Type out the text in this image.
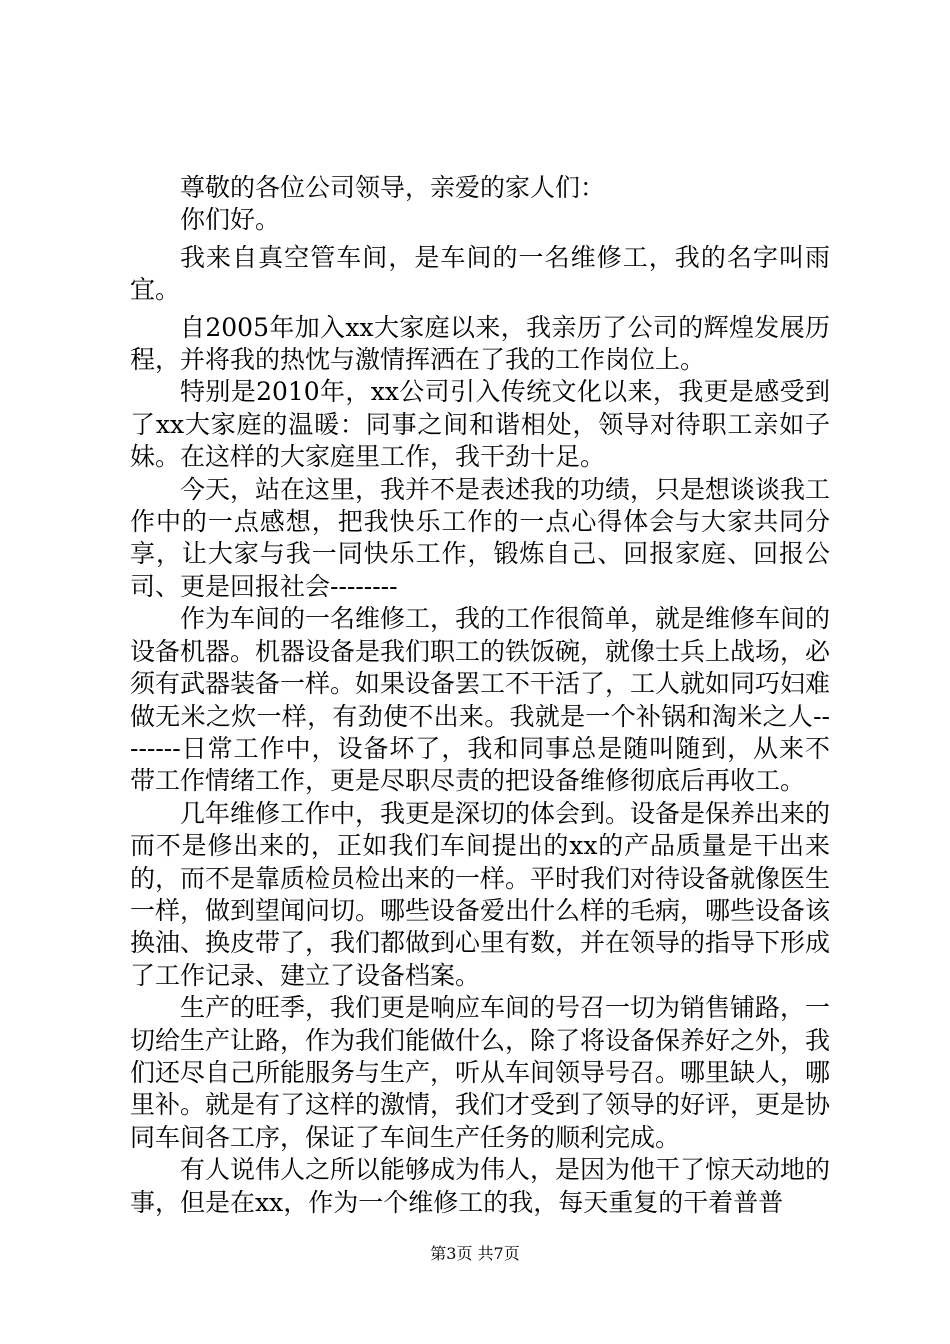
尊敬的各位公司领导，亲爱的家人们：

你们好。

我来自真空管车间，是车间的一名维修工，我的名字叫雨宜。

自2005年加入xx大家庭以来，我亲历了公司的辉煌发展历程，并将我的热忱与激情挥洒在了我的工作岗位上。

特别是2010年，xx公司引入传统文化以来，我更是感受到了xx大家庭的温暖：同事之间和谐相处，领导对待职工亲如子妹。在这样的大家庭里工作，我干劲十足。

今天，站在这里，我并不是表述我的功绩，只是想谈谈我工作中的一点感想，把我快乐工作的一点心得体会与大家共同分享，让大家与我一同快乐工作，锻炼自己、回报家庭、回报公司、更是回报社会--------

作为车间的一名维修工，我的工作很简单，就是维修车间的设备机器。机器设备是我们职工的铁饭碗，就像士兵上战场，必须有武器装备一样。如果设备罢工不干活了，工人就如同巧妇难做无米之炊一样，有劲使不出来。我就是一个补锅和淘米之人--------日常工作中，设备坏了，我和同事总是随叫随到，从来不带工作情绪工作，更是尽职尽责的把设备维修彻底后再收工。

几年维修工作中，我更是深切的体会到。设备是保养出来的而不是修出来的，正如我们车间提出的xx的产品质量是干出来的，而不是靠质检员检出来的一样。平时我们对待设备就像医生一样，做到望闻问切。哪些设备爱出什么样的毛病，哪些设备该换油、换皮带了，我们都做到心里有数，并在领导的指导下形成了工作记录、建立了设备档案。

生产的旺季，我们更是响应车间的号召一切为销售铺路，一切给生产让路，作为我们能做什么，除了将设备保养好之外，我们还尽自己所能服务与生产，听从车间领导号召。哪里缺人，哪里补。就是有了这样的激情，我们才受到了领导的好评，更是协同车间各工序，保证了车间生产任务的顺利完成。

有人说伟人之所以能够成为伟人，是因为他干了惊天动地的事，但是在xx，作为一个维修工的我，每天重复的干着普普

第3页 共7页
